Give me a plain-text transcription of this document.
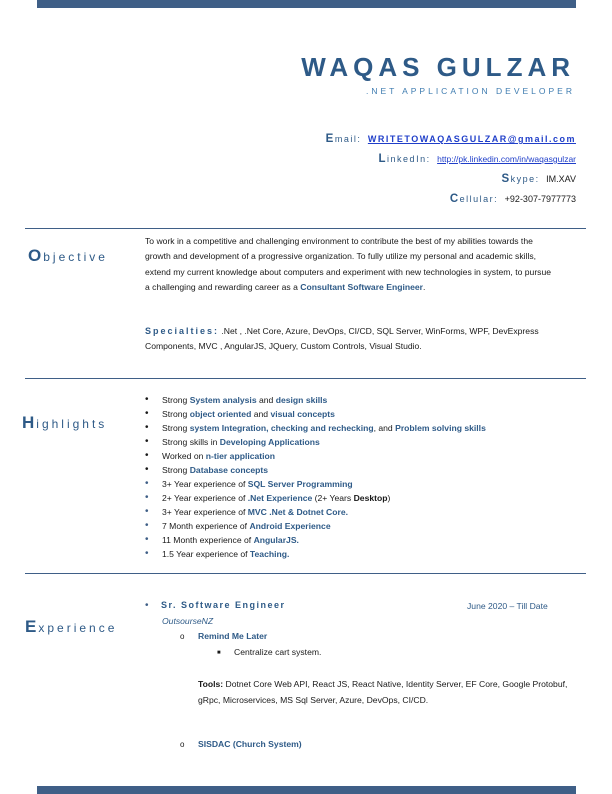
WAQAS GULZAR
.NET APPLICATION DEVELOPER
Email: WRITETOWAQASGULZAR@gmail.com
LinkedIn: http://pk.linkedin.com/in/waqasgulzar
Skype: IM.XAV
Cellular: +92-307-7977773
Objective
To work in a competitive and challenging environment to contribute the best of my abilities towards the growth and development of a progressive organization. To fully utilize my personal and academic skills, extend my current knowledge about computers and experiment with new technologies in system, to pursue a challenging and rewarding career as a Consultant Software Engineer.
Specialties: .Net , .Net Core, Azure, DevOps, CI/CD, SQL Server, WinForms, WPF, DevExpress Components, MVC , AngularJS, JQuery, Custom Controls, Visual Studio.
Highlights
• Strong System analysis and design skills
• Strong object oriented and visual concepts
• Strong system Integration, checking and rechecking, and Problem solving skills
• Strong skills in Developing Applications
• Worked on n-tier application
• Strong Database concepts
• 3+ Year experience of SQL Server Programming
• 2+ Year experience of .Net Experience (2+ Years Desktop)
• 3+ Year experience of MVC .Net & Dotnet Core.
• 7 Month experience of Android Experience
• 11 Month experience of AngularJS.
• 1.5 Year experience of Teaching.
Experience
• Sr. Software Engineer	June 2020 – Till Date
OutsourseNZ
o Remind Me Later
■ Centralize cart system.
Tools: Dotnet Core Web API, React JS, React Native, Identity Server, EF Core, Google Protobuf, gRpc, Microservices, MS Sql Server, Azure, DevOps, CI/CD.
o SISDAC (Church System)
